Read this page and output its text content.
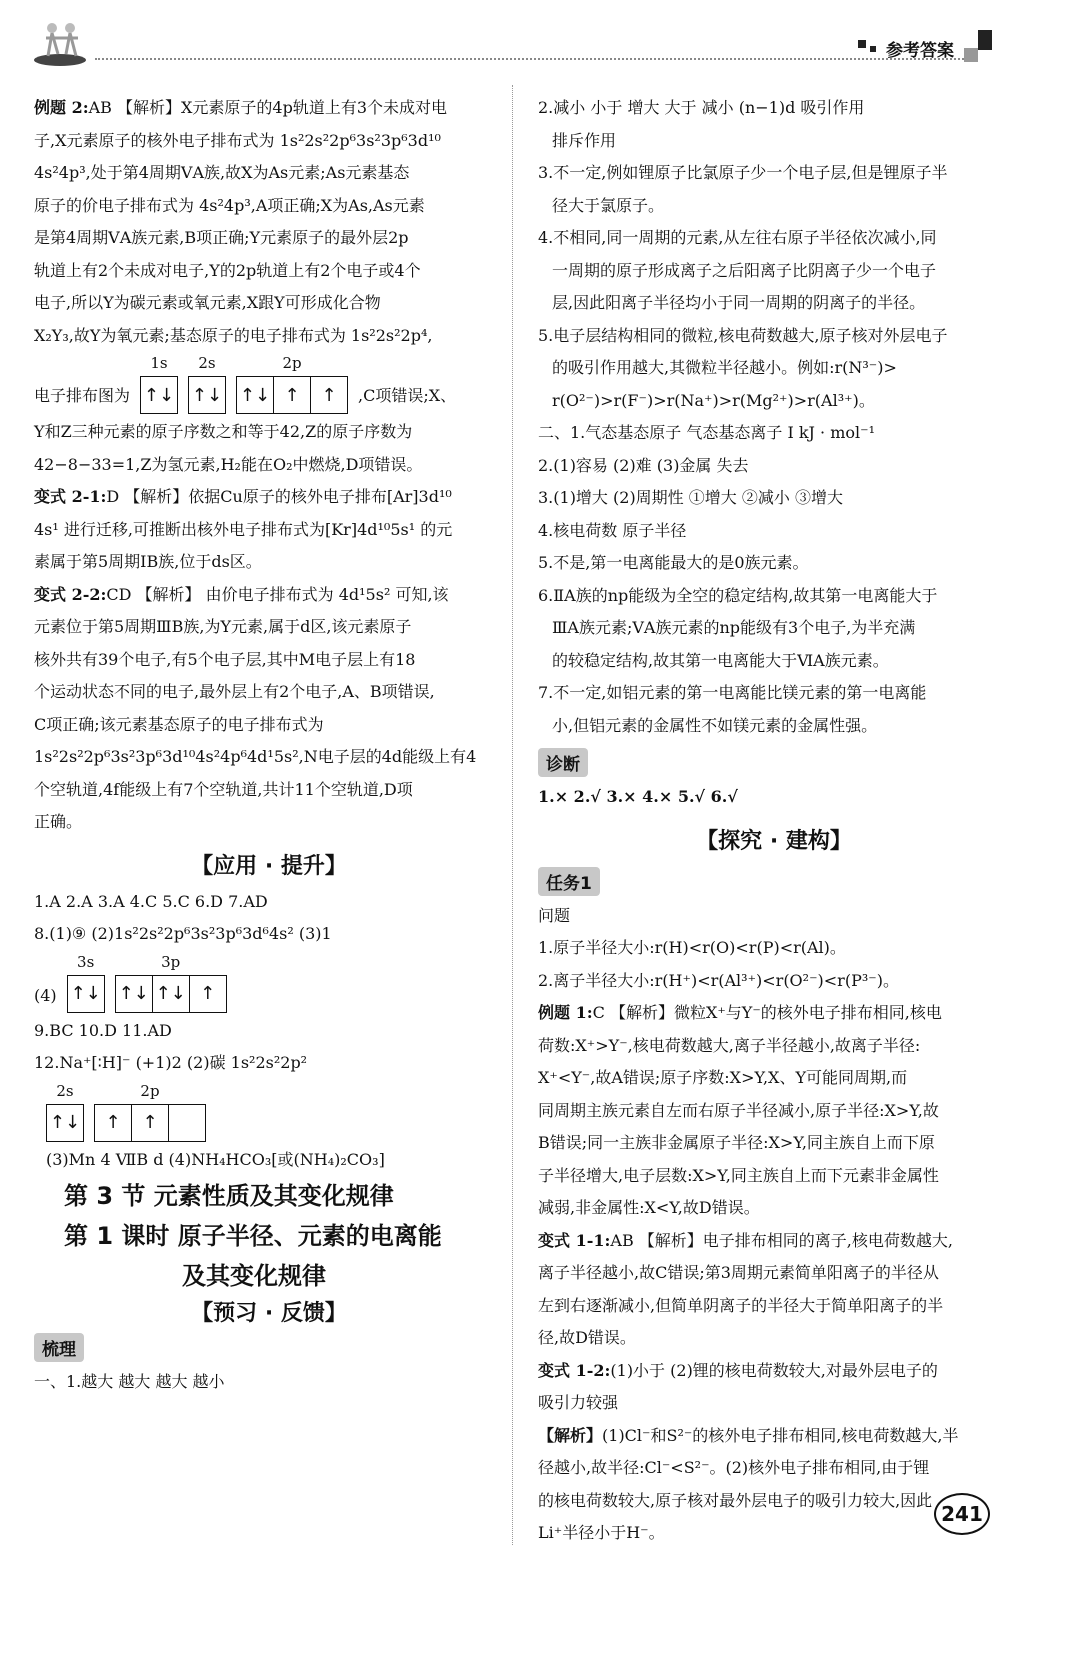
参考答案

例题 2:AB 【解析】X元素原子的4p轨道上有3个未成对电

子,X元素原子的核外电子排布式为 1s²2s²2p⁶3s²3p⁶3d¹⁰

4s²4p³,处于第4周期ⅤA族,故X为As元素;As元素基态

原子的价电子排布式为 4s²4p³,A项正确;X为As,As元素

是第4周期ⅤA族元素,B项正确;Y元素原子的最外层2p

轨道上有2个未成对电子,Y的2p轨道上有2个电子或4个

电子,所以Y为碳元素或氧元素,X跟Y可形成化合物

X₂Y₃,故Y为氧元素;基态原子的电子排布式为 1s²2s²2p⁴,

电子排布图为
1s
↑↓
2s
↑↓
2p
↑↓ ↑	↑	,C项错误;X、

Y和Z三种元素的原子序数之和等于42,Z的原子序数为

42−8−33=1,Z为氢元素,H₂能在O₂中燃烧,D项错误。

变式 2-1:D 【解析】依据Cu原子的核外电子排布[Ar]3d¹⁰

4s¹ 进行迁移,可推断出核外电子排布式为[Kr]4d¹⁰5s¹ 的元

素属于第5周期ⅠB族,位于ds区。

变式 2-2:CD 【解析】 由价电子排布式为 4d¹5s² 可知,该

元素位于第5周期ⅢB族,为Y元素,属于d区,该元素原子

核外共有39个电子,有5个电子层,其中M电子层上有18

个运动状态不同的电子,最外层上有2个电子,A、B项错误,

C项正确;该元素基态原子的电子排布式为

1s²2s²2p⁶3s²3p⁶3d¹⁰4s²4p⁶4d¹5s²,N电子层的4d能级上有4

个空轨道,4f能级上有7个空轨道,共计11个空轨道,D项

正确。

【应用 · 提升】

1.A 2.A 3.A 4.C 5.C 6.D 7.AD

8.(1)⑨ (2)1s²2s²2p⁶3s²3p⁶3d⁶4s² (3)1

(4)
3s
↑↓
3p
↑↓ ↑↓ ↑

9.BC 10.D 11.AD

12.Na⁺[∶H]⁻ (+1)2 (2)碳 1s²2s²2p²

2s
↑↓
2p
↑	↑

(3)Mn 4 ⅦB d (4)NH₄HCO₃[或(NH₄)₂CO₃]

第 3 节 元素性质及其变化规律
第 1 课时 原子半径、元素的电离能
及其变化规律
【预习 · 反馈】
梳理

一、1.越大 越大 越大 越小

2.减小 小于 增大 大于 减小 (n−1)d 吸引作用

排斥作用

3.不一定,例如锂原子比氯原子少一个电子层,但是锂原子半

径大于氯原子。

4.不相同,同一周期的元素,从左往右原子半径依次减小,同

一周期的原子形成离子之后阳离子比阴离子少一个电子

层,因此阳离子半径均小于同一周期的阴离子的半径。

5.电子层结构相同的微粒,核电荷数越大,原子核对外层电子

的吸引作用越大,其微粒半径越小。例如:r(N³⁻)>

r(O²⁻)>r(F⁻)>r(Na⁺)>r(Mg²⁺)>r(Al³⁺)。

二、1.气态基态原子 气态基态离子 I kJ · mol⁻¹

2.(1)容易 (2)难 (3)金属 失去

3.(1)增大 (2)周期性 ①增大 ②减小 ③增大

4.核电荷数 原子半径

5.不是,第一电离能最大的是0族元素。

6.ⅡA族的np能级为全空的稳定结构,故其第一电离能大于

ⅢA族元素;ⅤA族元素的np能级有3个电子,为半充满

的较稳定结构,故其第一电离能大于ⅥA族元素。

7.不一定,如铝元素的第一电离能比镁元素的第一电离能

小,但铝元素的金属性不如镁元素的金属性强。

诊断

1.× 2.√ 3.× 4.× 5.√ 6.√

【探究 · 建构】
任务1

问题

1.原子半径大小:r(H)<r(O)<r(P)<r(Al)。

2.离子半径大小:r(H⁺)<r(Al³⁺)<r(O²⁻)<r(P³⁻)。

例题 1:C 【解析】微粒X⁺与Y⁻的核外电子排布相同,核电

荷数:X⁺>Y⁻,核电荷数越大,离子半径越小,故离子半径:

X⁺<Y⁻,故A错误;原子序数:X>Y,X、Y可能同周期,而

同周期主族元素自左而右原子半径减小,原子半径:X>Y,故

B错误;同一主族非金属原子半径:X>Y,同主族自上而下原

子半径增大,电子层数:X>Y,同主族自上而下元素非金属性

减弱,非金属性:X<Y,故D错误。

变式 1-1:AB 【解析】电子排布相同的离子,核电荷数越大,

离子半径越小,故C错误;第3周期元素简单阳离子的半径从

左到右逐渐减小,但简单阴离子的半径大于简单阳离子的半

径,故D错误。

变式 1-2:(1)小于 (2)锂的核电荷数较大,对最外层电子的

吸引力较强

【解析】(1)Cl⁻和S²⁻的核外电子排布相同,核电荷数越大,半

径越小,故半径:Cl⁻<S²⁻。(2)核外电子排布相同,由于锂

的核电荷数较大,原子核对最外层电子的吸引力较大,因此

Li⁺半径小于H⁻。

241
